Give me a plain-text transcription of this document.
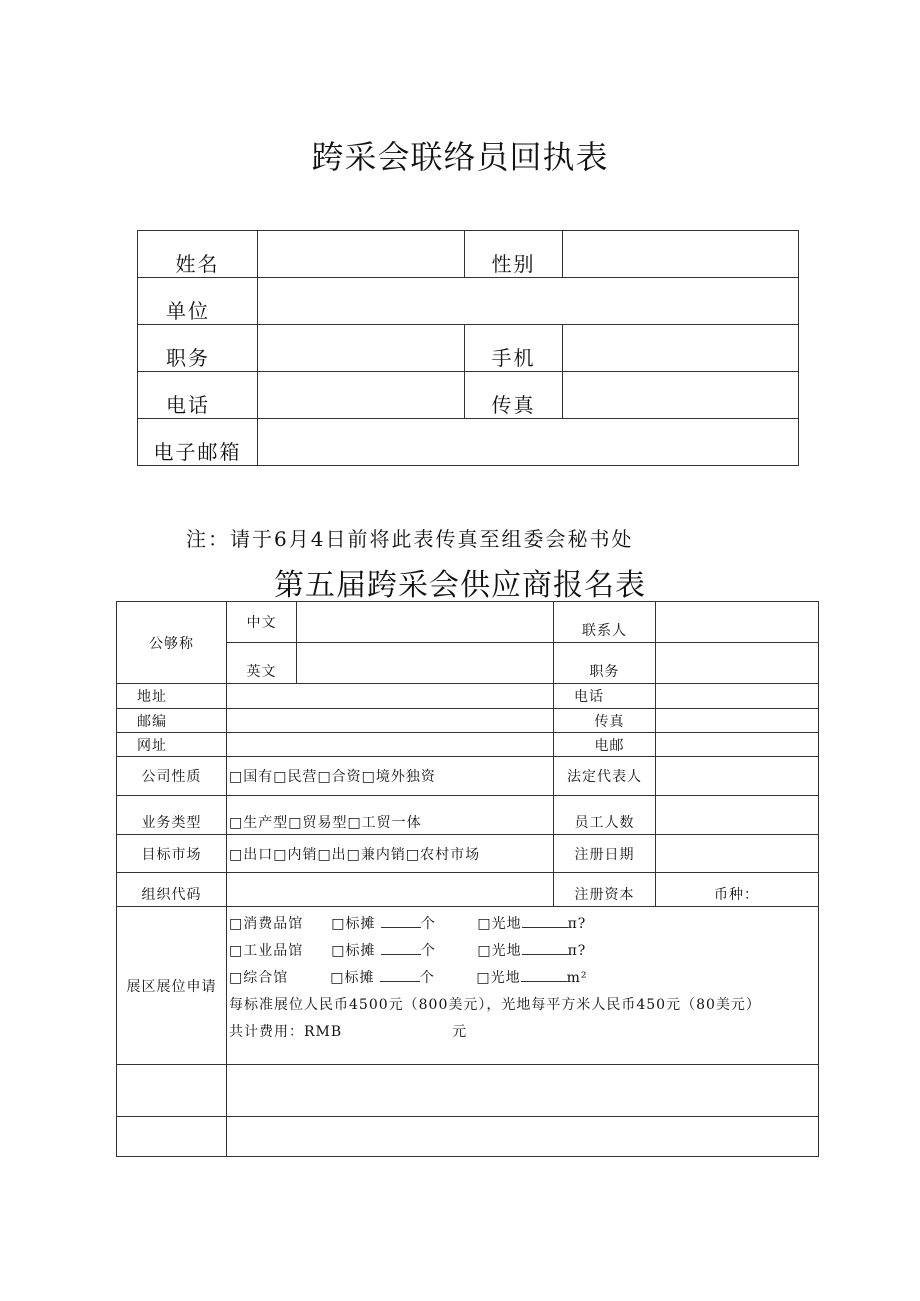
跨采会联络员回执表
姓名		性别	
单位			
职务		手机	
电话		传真	
电子邮箱			
注：请于6月4日前将此表传真至组委会秘书处
第五届跨采会供应商报名表
公够称	中文		联系人	
	英文		职务	
地址			电话	
邮编			传真	
网址			电邮	
公司性质	□国有□民营□合资□境外独资		法定代表人	
业务类型	□生产型□贸易型□工贸一体		员工人数	
目标市场	□出口□内销□出□兼内销□农村市场		注册日期	
组织代码			注册资本	币种：
展区展位申请	□消费品馆 □标摊 个 □光地 π?
□工业品馆 □标摊 个 □光地 π?
□综合馆 □标摊 个 □光地 m²
每标准展位人民币4500元（800美元），光地每平方米人民币450元（80美元）
共计费用：RMB 元			
